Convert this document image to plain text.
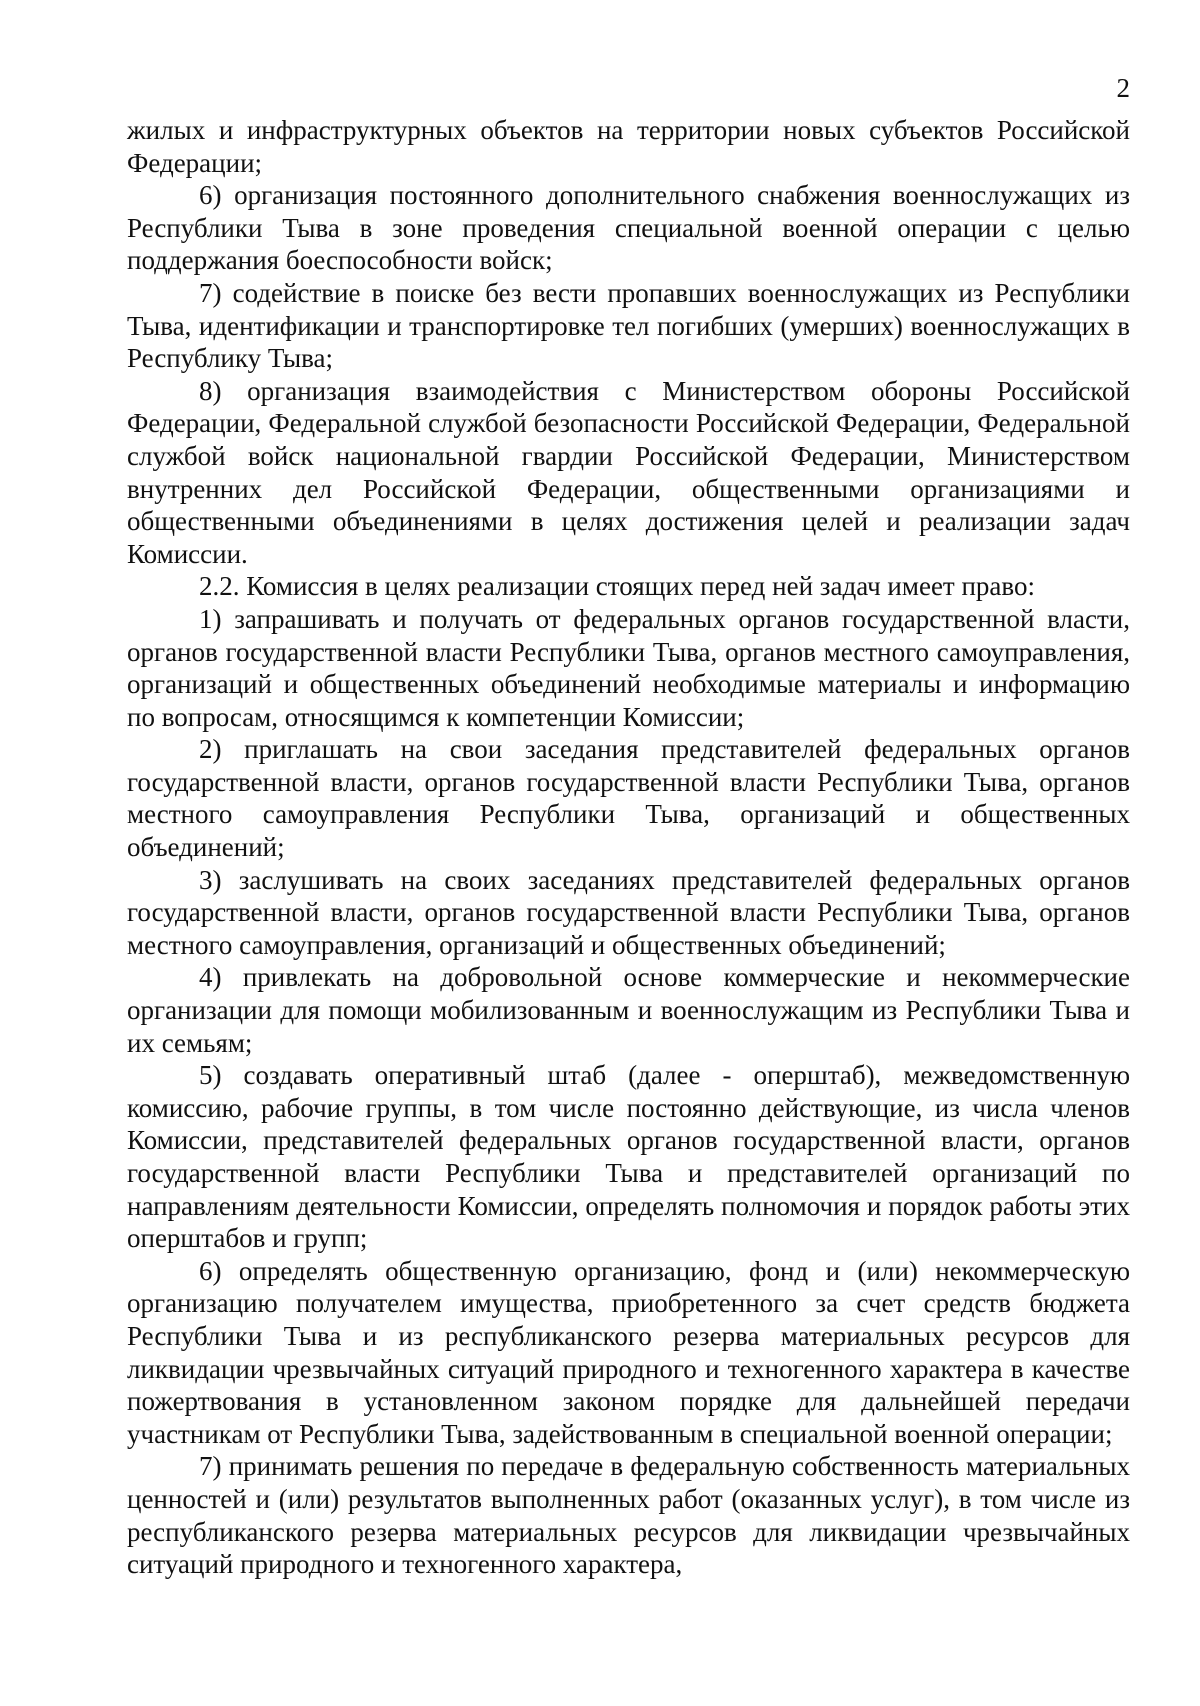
2

жилых и инфраструктурных объектов на территории новых субъектов Российской Федерации;

6) организация постоянного дополнительного снабжения военнослужащих из Республики Тыва в зоне проведения специальной военной операции с целью поддержания боеспособности войск;

7) содействие в поиске без вести пропавших военнослужащих из Республики Тыва, идентификации и транспортировке тел погибших (умерших) военнослужащих в Республику Тыва;

8) организация взаимодействия с Министерством обороны Российской Федерации, Федеральной службой безопасности Российской Федерации, Федеральной службой войск национальной гвардии Российской Федерации, Министерством внутренних дел Российской Федерации, общественными организациями и общественными объединениями в целях достижения целей и реализации задач Комиссии.

2.2. Комиссия в целях реализации стоящих перед ней задач имеет право:

1) запрашивать и получать от федеральных органов государственной власти, органов государственной власти Республики Тыва, органов местного самоуправления, организаций и общественных объединений необходимые материалы и информацию по вопросам, относящимся к компетенции Комиссии;

2) приглашать на свои заседания представителей федеральных органов государственной власти, органов государственной власти Республики Тыва, органов местного самоуправления Республики Тыва, организаций и общественных объединений;

3) заслушивать на своих заседаниях представителей федеральных органов государственной власти, органов государственной власти Республики Тыва, органов местного самоуправления, организаций и общественных объединений;

4) привлекать на добровольной основе коммерческие и некоммерческие организации для помощи мобилизованным и военнослужащим из Республики Тыва и их семьям;

5) создавать оперативный штаб (далее - оперштаб), межведомственную комиссию, рабочие группы, в том числе постоянно действующие, из числа членов Комиссии, представителей федеральных органов государственной власти, органов государственной власти Республики Тыва и представителей организаций по направлениям деятельности Комиссии, определять полномочия и порядок работы этих оперштабов и групп;

6) определять общественную организацию, фонд и (или) некоммерческую организацию получателем имущества, приобретенного за счет средств бюджета Республики Тыва и из республиканского резерва материальных ресурсов для ликвидации чрезвычайных ситуаций природного и техногенного характера в качестве пожертвования в установленном законом порядке для дальнейшей передачи участникам от Республики Тыва, задействованным в специальной военной операции;

7) принимать решения по передаче в федеральную собственность материальных ценностей и (или) результатов выполненных работ (оказанных услуг), в том числе из республиканского резерва материальных ресурсов для ликвидации чрезвычайных ситуаций природного и техногенного характера,
